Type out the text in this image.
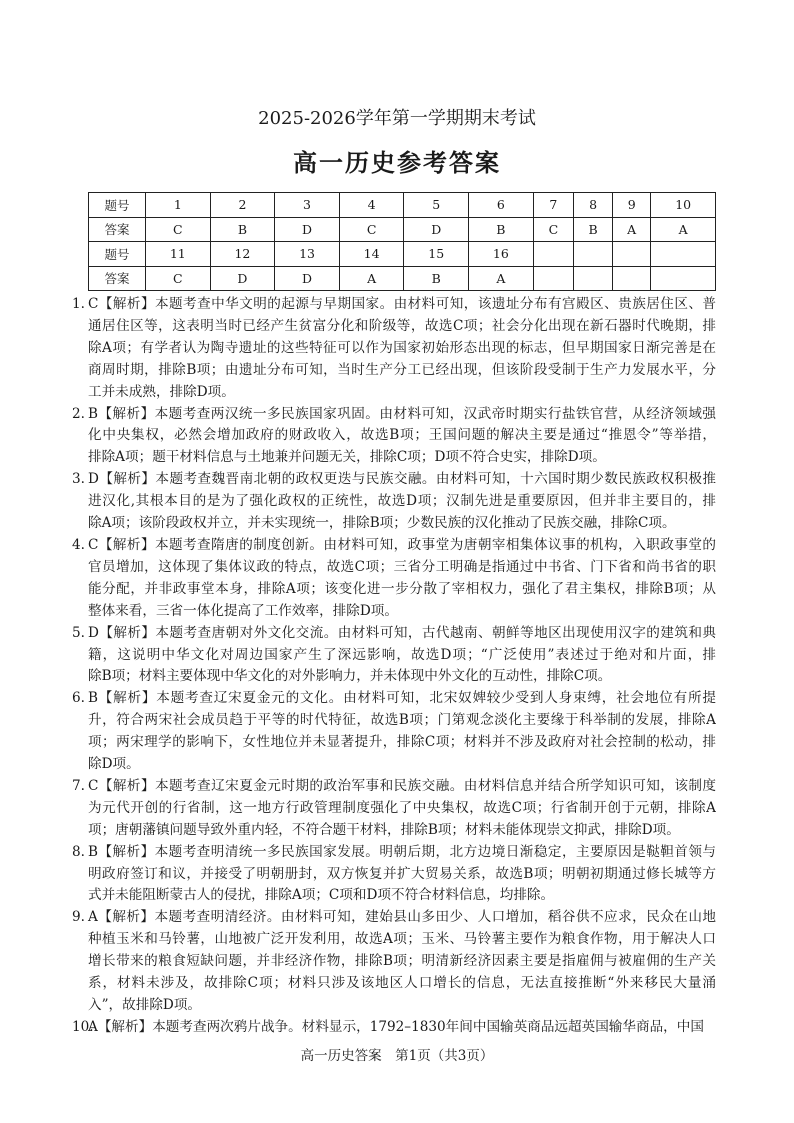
2025-2026学年第一学期期末考试
高一历史参考答案
题号	1	2	3	4	5	6	7	8	9	10
答案	C	B	D	C	D	B	C	B	A	A
题号	11	12	13	14	15	16				
答案	C	D	D	A	B	A				
1. C【解析】本题考查中华文明的起源与早期国家。由材料可知，该遗址分布有宫殿区、贵族居住区、普
通居住区等，这表明当时已经产生贫富分化和阶级等，故选C项；社会分化出现在新石器时代晚期，排
除A项；有学者认为陶寺遗址的这些特征可以作为国家初始形态出现的标志，但早期国家日渐完善是在
商周时期，排除B项；由遗址分布可知，当时生产分工已经出现，但该阶段受制于生产力发展水平，分
工并未成熟，排除D项。
2. B【解析】本题考查两汉统一多民族国家巩固。由材料可知，汉武帝时期实行盐铁官营，从经济领域强
化中央集权，必然会增加政府的财政收入，故选B项；王国问题的解决主要是通过“推恩令”等举措，
排除A项；题干材料信息与土地兼并问题无关，排除C项；D项不符合史实，排除D项。
3. D【解析】本题考查魏晋南北朝的政权更迭与民族交融。由材料可知，十六国时期少数民族政权积极推
进汉化,其根本目的是为了强化政权的正统性，故选D项；汉制先进是重要原因，但并非主要目的，排
除A项；该阶段政权并立，并未实现统一，排除B项；少数民族的汉化推动了民族交融，排除C项。
4. C【解析】本题考查隋唐的制度创新。由材料可知，政事堂为唐朝宰相集体议事的机构，入职政事堂的
官员增加，这体现了集体议政的特点，故选C项；三省分工明确是指通过中书省、门下省和尚书省的职
能分配，并非政事堂本身，排除A项；该变化进一步分散了宰相权力，强化了君主集权，排除B项；从
整体来看，三省一体化提高了工作效率，排除D项。
5. D【解析】本题考查唐朝对外文化交流。由材料可知，古代越南、朝鲜等地区出现使用汉字的建筑和典
籍，这说明中华文化对周边国家产生了深远影响，故选D项；“广泛使用”表述过于绝对和片面，排
除B项；材料主要体现中华文化的对外影响力，并未体现中外文化的互动性，排除C项。
6. B【解析】本题考查辽宋夏金元的文化。由材料可知，北宋奴婢较少受到人身束缚，社会地位有所提
升，符合两宋社会成员趋于平等的时代特征，故选B项；门第观念淡化主要缘于科举制的发展，排除A
项；两宋理学的影响下，女性地位并未显著提升，排除C项；材料并不涉及政府对社会控制的松动，排
除D项。
7. C【解析】本题考查辽宋夏金元时期的政治军事和民族交融。由材料信息并结合所学知识可知，该制度
为元代开创的行省制，这一地方行政管理制度强化了中央集权，故选C项；行省制开创于元朝，排除A
项；唐朝藩镇问题导致外重内轻，不符合题干材料，排除B项；材料未能体现崇文抑武，排除D项。
8. B【解析】本题考查明清统一多民族国家发展。明朝后期，北方边境日渐稳定，主要原因是鞑靼首领与
明政府签订和议，并接受了明朝册封，双方恢复并扩大贸易关系，故选B项；明朝初期通过修长城等方
式并未能阻断蒙古人的侵扰，排除A项；C项和D项不符合材料信息，均排除。
9. A【解析】本题考查明清经济。由材料可知，建始县山多田少、人口增加，稻谷供不应求，民众在山地
种植玉米和马铃薯，山地被广泛开发利用，故选A项；玉米、马铃薯主要作为粮食作物，用于解决人口
增长带来的粮食短缺问题，并非经济作物，排除B项；明清新经济因素主要是指雇佣与被雇佣的生产关
系，材料未涉及，故排除C项；材料只涉及该地区人口增长的信息，无法直接推断“外来移民大量涌
入”，故排除D项。
10.
A【解析】本题考查两次鸦片战争。材料显示，1792–1830年间中国输英商品远超英国输华商品，中国
高一历史答案　第1页（共3页）
